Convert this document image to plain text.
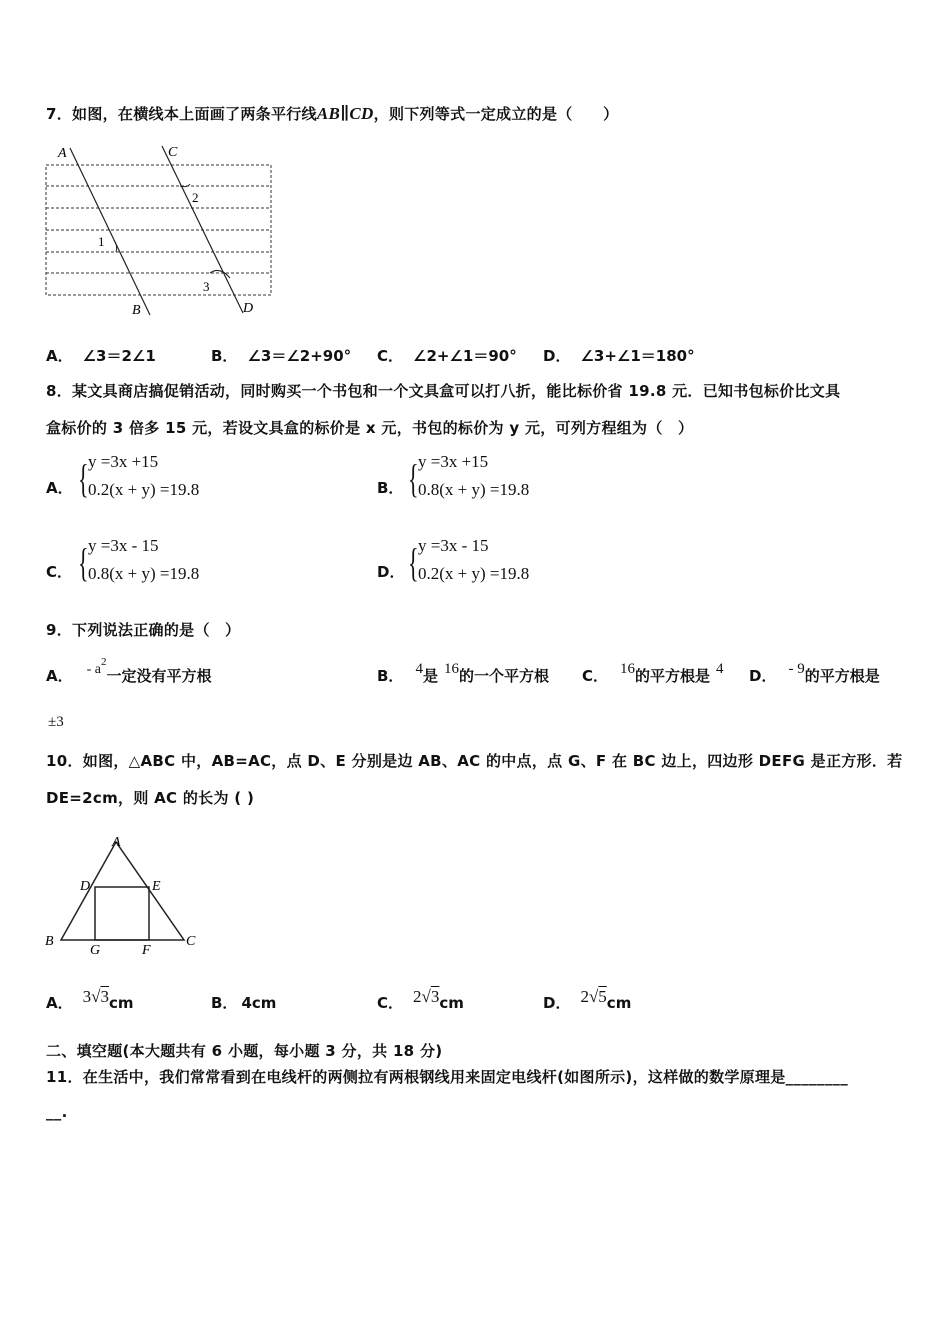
7．如图，在横线本上面画了两条平行线AB∥CD，则下列等式一定成立的是（　　）
A
B
C
D
1
2
3
A． ∠3＝2∠1	B． ∠3＝∠2+90° C． ∠2+∠1＝90° D． ∠3+∠1＝180°
8．某文具商店搞促销活动，同时购买一个书包和一个文具盒可以打八折，能比标价省 19.8 元．已知书包标价比文具
盒标价的 3 倍多 15 元，若设文具盒的标价是 x 元，书包的标价为 y 元，可列方程组为（　）
A． { y =3x +15
0.2(x + y) =19.8	B． { y =3x +15
0.8(x + y) =19.8
C． { y =3x - 15
0.8(x + y) =19.8	D． { y =3x - 15
0.2(x + y) =19.8
9．下列说法正确的是（　）
A． - $a^2$一定没有平方根	B． 4是 16的一个平方根 C． 16的平方根是 4 D． - 9的平方根是
±3
10．如图，△ABC 中，AB=AC，点 D、E 分别是边 AB、AC 的中点，点 G、F 在 BC 边上，四边形 DEFG 是正方形．若
DE=2cm，则 AC 的长为 ( )
A
B	C
D	E
F
G
A． 3√3cm	B． 4cm	C． 2√3cm	D． 2√5cm
二、填空题(本大题共有 6 小题，每小题 3 分，共 18 分)
11．在生活中，我们常常看到在电线杆的两侧拉有两根钢线用来固定电线杆(如图所示)，这样做的数学原理是________
__.
